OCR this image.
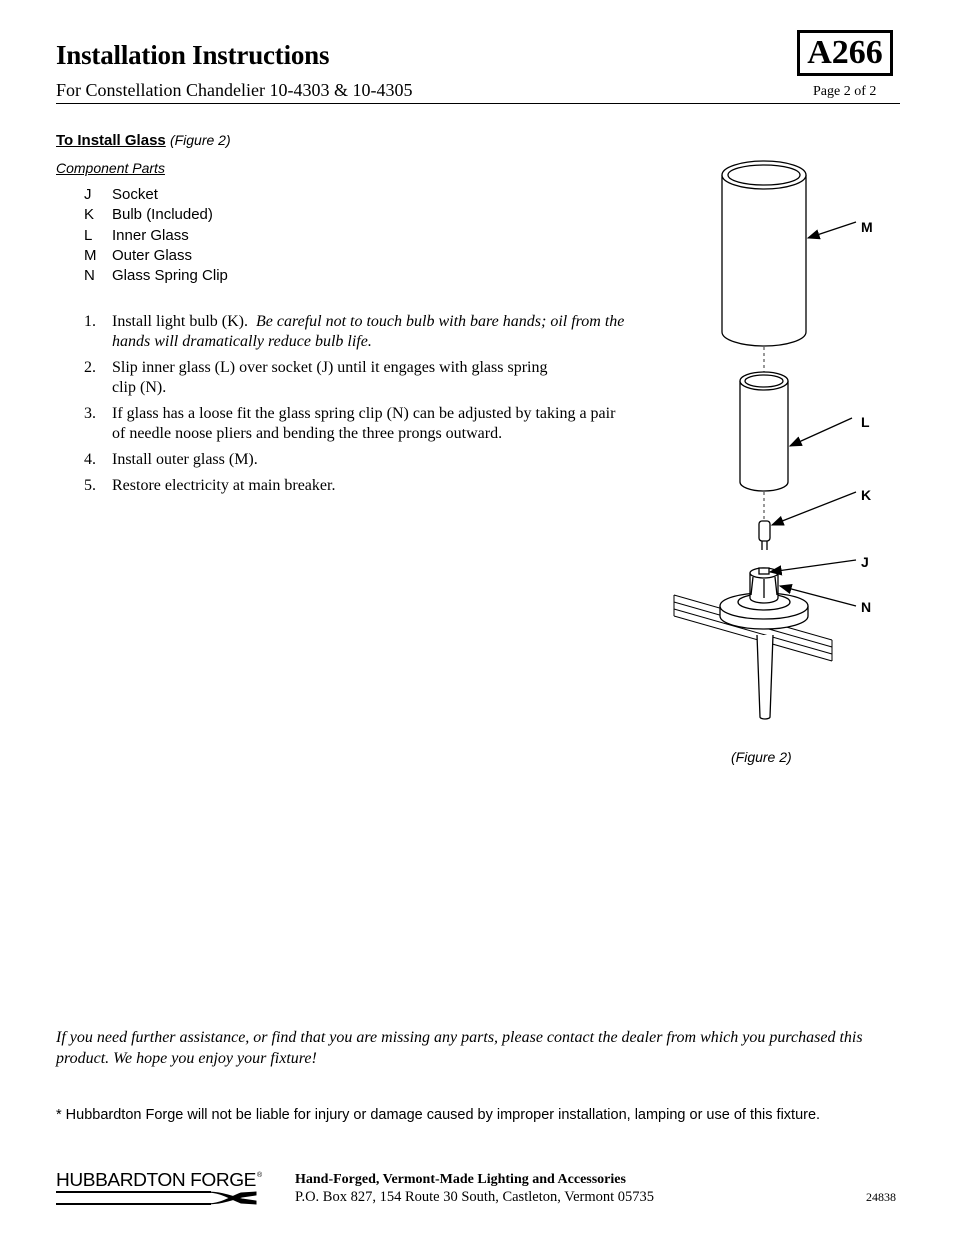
Installation Instructions
For Constellation Chandelier 10-4303 & 10-4305
A266
Page 2 of 2
To Install Glass (Figure 2)
Component Parts
J	Socket
K	Bulb (Included)
L	Inner Glass
M	Outer Glass
N	Glass Spring Clip
1.	Install light bulb (K). Be careful not to touch bulb with bare hands; oil from the hands will dramatically reduce bulb life.
2.	Slip inner glass (L) over socket (J) until it engages with glass spring clip (N).
3.	If glass has a loose fit the glass spring clip (N) can be adjusted by taking a pair of needle noose pliers and bending the three prongs outward.
4.	Install outer glass (M).
5.	Restore electricity at main breaker.
M
L
K
J
N
(Figure 2)
If you need further assistance, or find that you are missing any parts, please contact the dealer from which you purchased this product. We hope you enjoy your fixture!
* Hubbardton Forge will not be liable for injury or damage caused by improper installation, lamping or use of this fixture.
HUBBARDTON FORGE ® Hand-Forged, Vermont-Made Lighting and Accessories
P.O. Box 827, 154 Route 30 South, Castleton, Vermont 05735	24838
